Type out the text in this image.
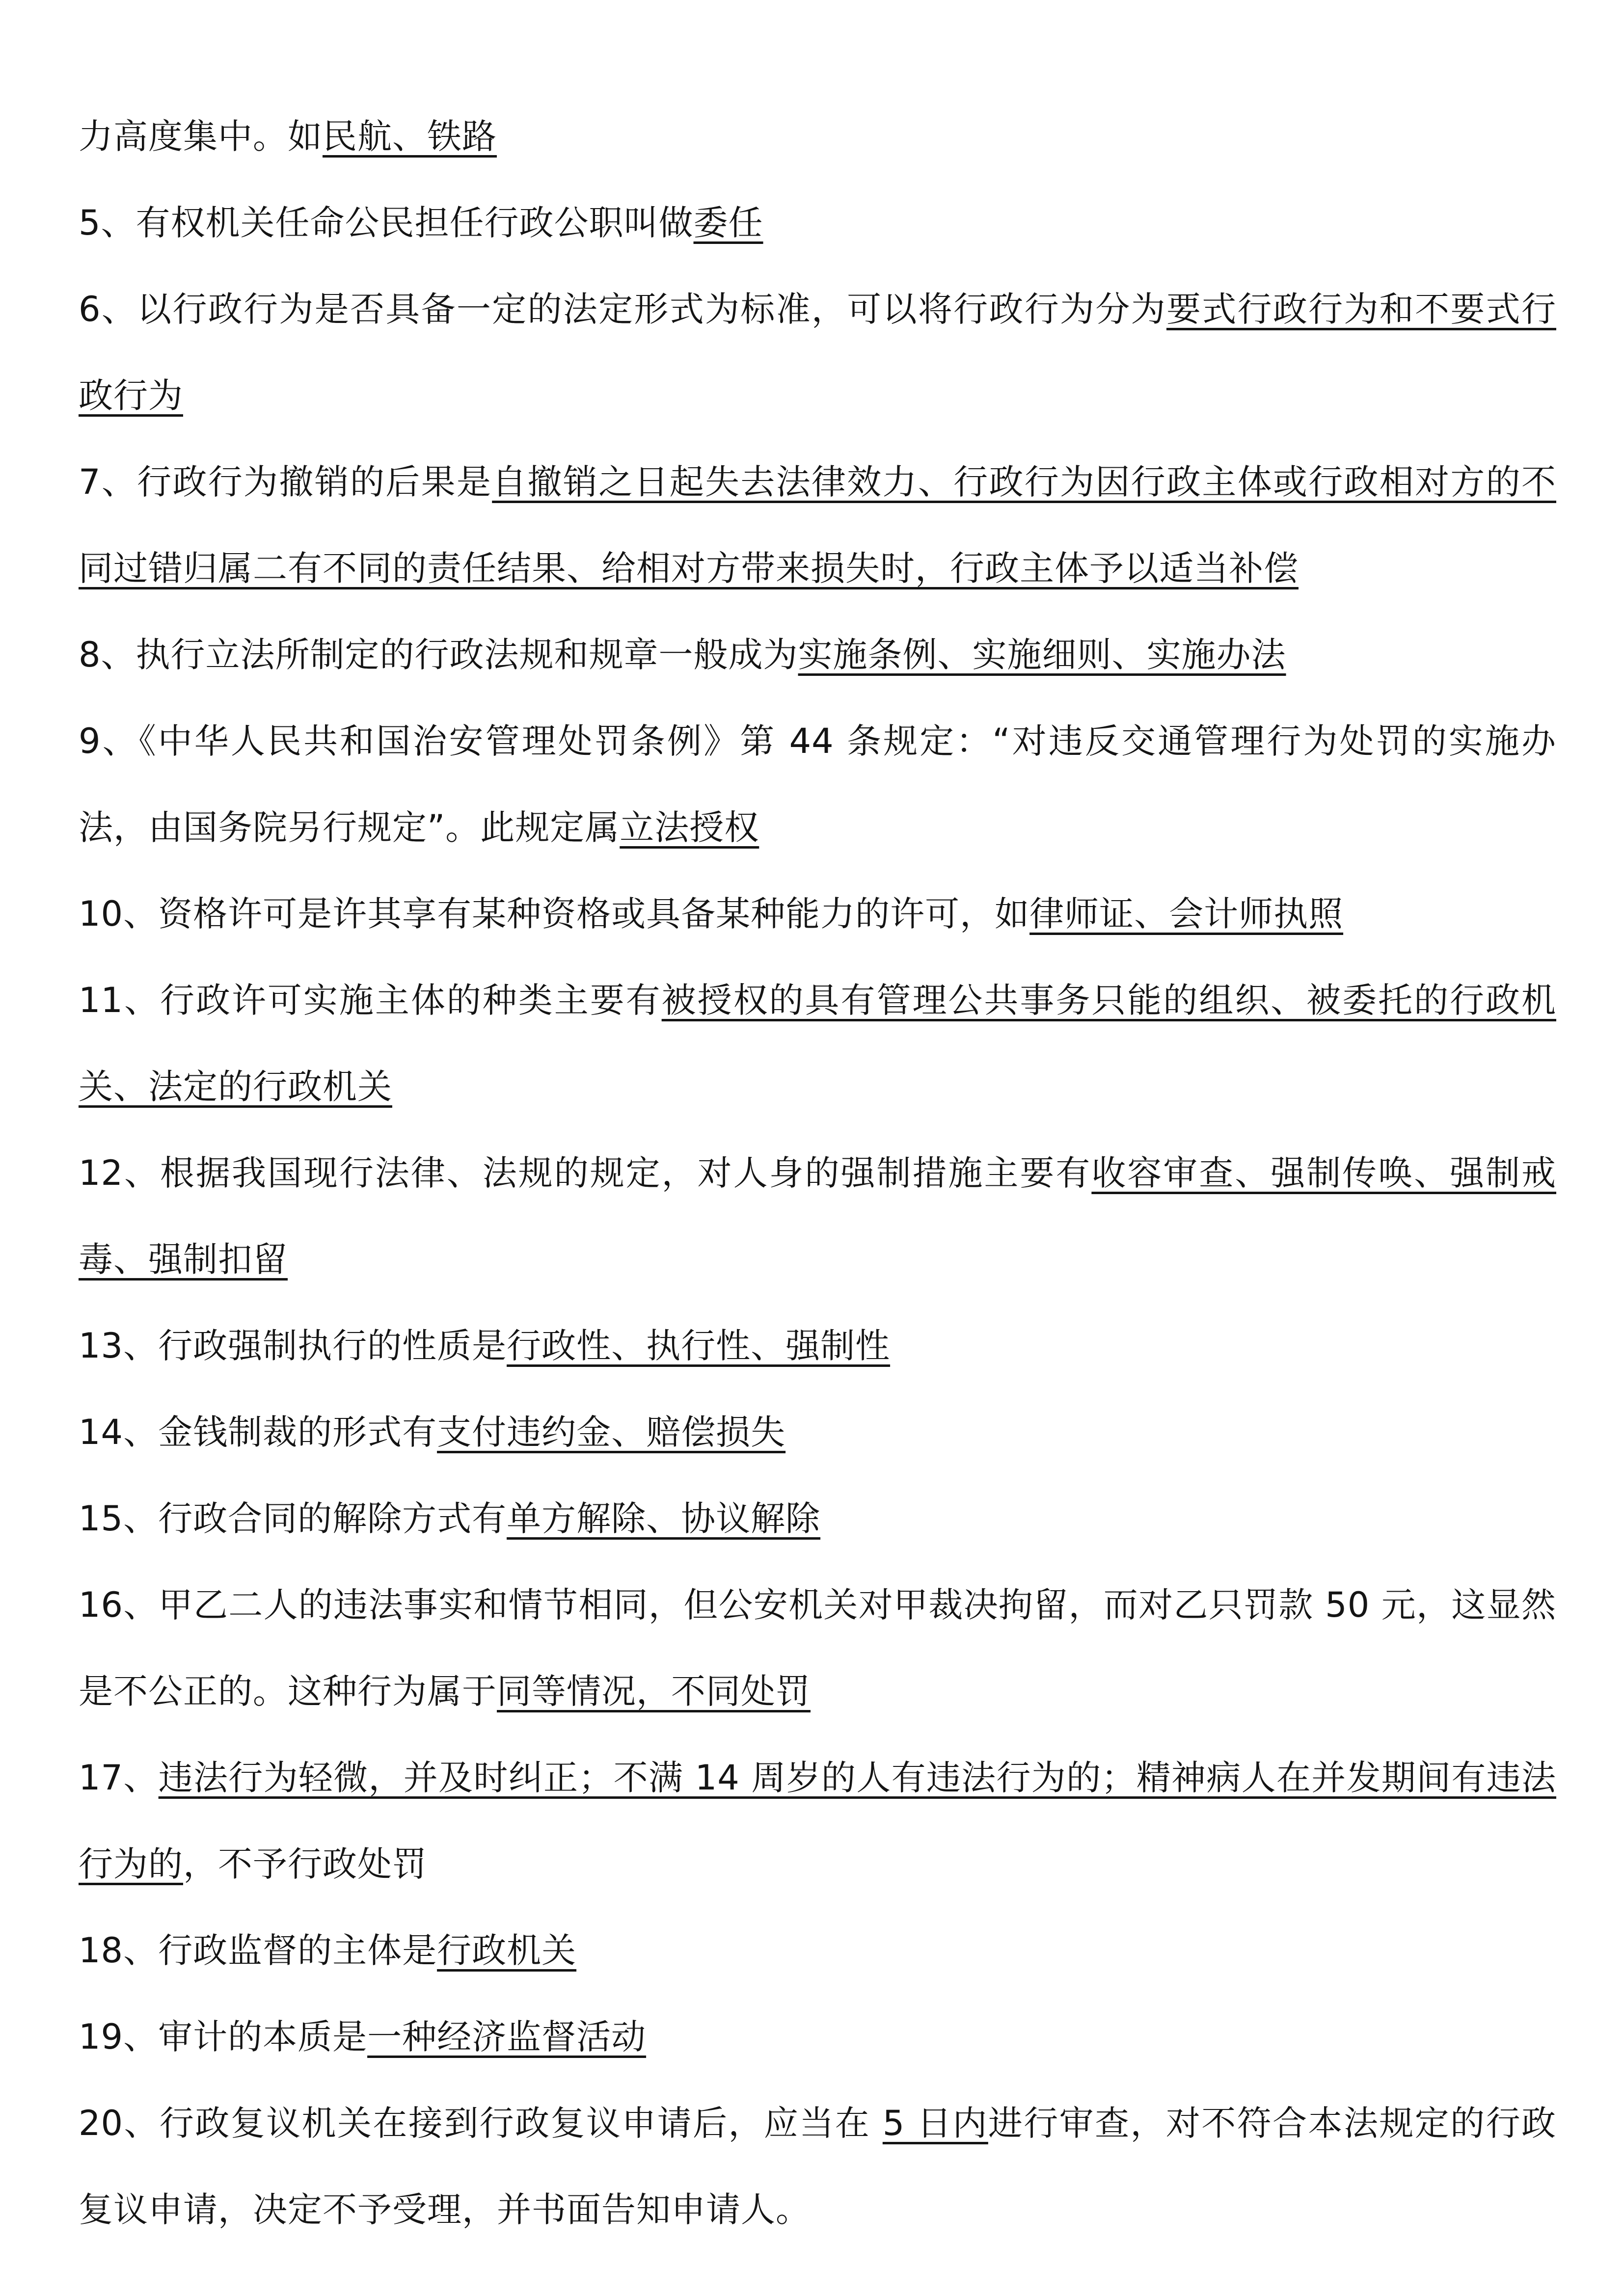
力高度集中。如民航、铁路

5、有权机关任命公民担任行政公职叫做委任

6、以行政行为是否具备一定的法定形式为标准，可以将行政行为分为要式行政行为和不要式行政行为

7、行政行为撤销的后果是自撤销之日起失去法律效力、行政行为因行政主体或行政相对方的不同过错归属二有不同的责任结果、给相对方带来损失时，行政主体予以适当补偿

8、执行立法所制定的行政法规和规章一般成为实施条例、实施细则、实施办法

9、《中华人民共和国治安管理处罚条例》第 44 条规定：“对违反交通管理行为处罚的实施办法，由国务院另行规定”。此规定属立法授权

10、资格许可是许其享有某种资格或具备某种能力的许可，如律师证、会计师执照

11、行政许可实施主体的种类主要有被授权的具有管理公共事务只能的组织、被委托的行政机关、法定的行政机关

12、根据我国现行法律、法规的规定，对人身的强制措施主要有收容审查、强制传唤、强制戒毒、强制扣留

13、行政强制执行的性质是行政性、执行性、强制性

14、金钱制裁的形式有支付违约金、赔偿损失

15、行政合同的解除方式有单方解除、协议解除

16、甲乙二人的违法事实和情节相同，但公安机关对甲裁决拘留，而对乙只罚款 50 元，这显然是不公正的。这种行为属于同等情况，不同处罚

17、违法行为轻微，并及时纠正；不满 14 周岁的人有违法行为的；精神病人在并发期间有违法行为的，不予行政处罚

18、行政监督的主体是行政机关

19、审计的本质是一种经济监督活动

20、行政复议机关在接到行政复议申请后，应当在 5 日内进行审查，对不符合本法规定的行政复议申请，决定不予受理，并书面告知申请人。
